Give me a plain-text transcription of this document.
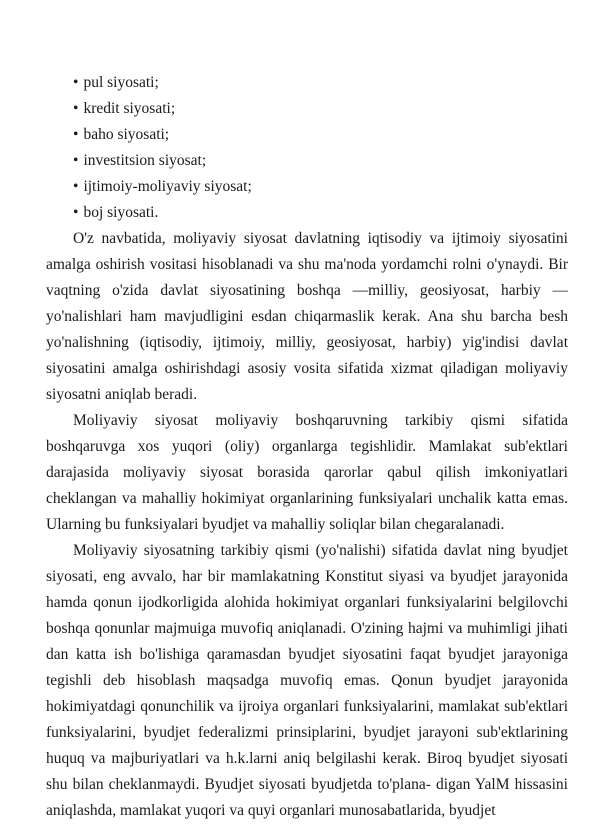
• pul siyosati;
• kredit siyosati;
• baho siyosati;
• investitsion siyosat;
• ijtimoiy-moliyaviy siyosat;
• boj siyosati.

O'z navbatida, moliyaviy siyosat davlatning iqtisodiy va ijtimoiy siyosatini amalga oshirish vositasi hisoblanadi va shu ma'noda yordamchi rolni o'ynaydi. Bir vaqtning o'zida davlat siyosatining boshqa —milliy, geosiyosat, harbiy —yo'nalishlari ham mavjudligini esdan chiqarmaslik kerak. Ana shu barcha besh yo'nalishning (iqtisodiy, ijtimoiy, milliy, geosiyosat, harbiy) yig'indisi davlat siyosatini amalga oshirishdagi asosiy vosita sifatida xizmat qiladigan moliyaviy siyosatni aniqlab beradi.

Moliyaviy siyosat moliyaviy boshqaruvning tarkibiy qismi sifatida boshqaruvga xos yuqori (oliy) organlarga tegishlidir. Mamlakat sub'ektlari darajasida moliyaviy siyosat borasida qarorlar qabul qilish imkoniyatlari cheklangan va mahalliy hokimiyat organlarining funksiyalari unchalik katta emas. Ularning bu funksiyalari byudjet va mahalliy soliqlar bilan chegaralanadi.

Moliyaviy siyosatning tarkibiy qismi (yo'nalishi) sifatida davlat ning byudjet siyosati, eng avvalo, har bir mamlakatning Konstitut siyasi va byudjet jarayonida hamda qonun ijodkorligida alohida hokimiyat organlari funksiyalarini belgilovchi boshqa qonunlar majmuiga muvofiq aniqlanadi. O'zining hajmi va muhimligi jihati dan katta ish bo'lishiga qaramasdan byudjet siyosatini faqat byudjet jarayoniga tegishli deb hisoblash maqsadga muvofiq emas. Qonun byudjet jarayonida hokimiyatdagi qonunchilik va ijroiya organlari funksiyalarini, mamlakat sub'ektlari funksiyalarini, byudjet federalizmi prinsiplarini, byudjet jarayoni sub'ektlarining huquq va majburiyatlari va h.k.larni aniq belgilashi kerak. Biroq byudjet siyosati shu bilan cheklanmaydi. Byudjet siyosati byudjetda to'plana- digan YalM hissasini aniqlashda, mamlakat yuqori va quyi organlari munosabatlarida, byudjet
